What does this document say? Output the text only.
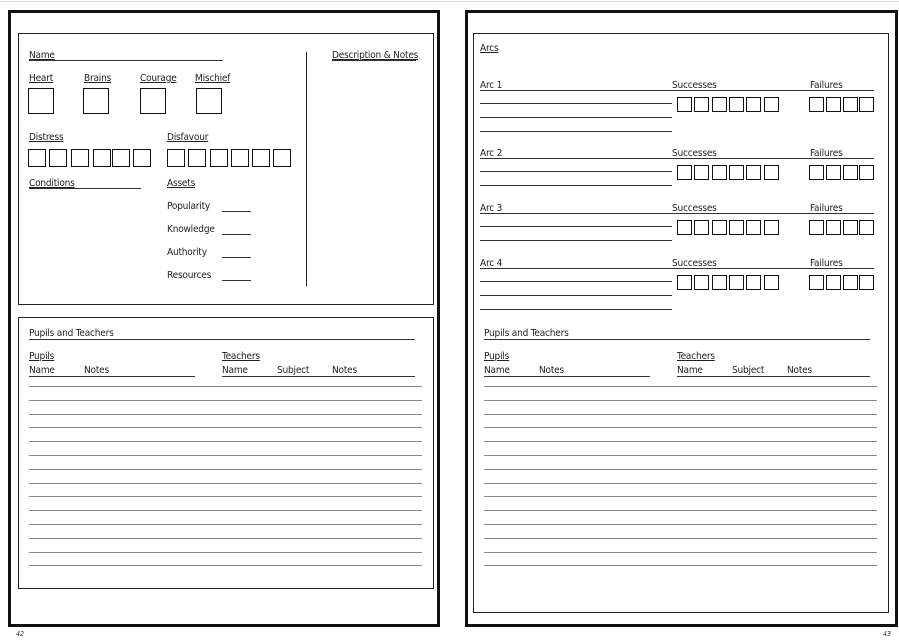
Name	Description & Notes
Heart	Brains	Courage Mischief
Distress	Disfavour
Conditions	Assets
Popularity
Knowledge
Authority
Resources
Pupils and Teachers
Pupils
Name	Notes
Teachers
Name	Subject Notes
42
Arcs
Arc 1	Successes	Failures
Arc 2	Successes	Failures
Arc 3	Successes	Failures
Arc 4	Successes	Failures
Pupils and Teachers
Pupils
Name	Notes
Teachers
Name	Subject Notes
43
